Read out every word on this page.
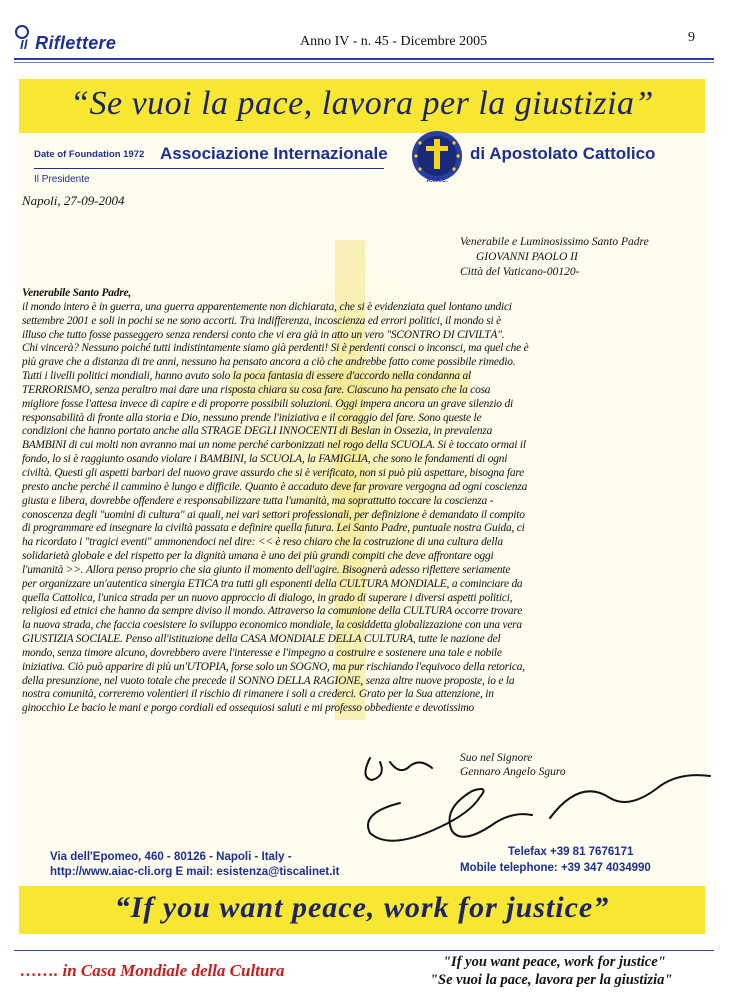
Il Riflettere	Anno IV - n. 45 - Dicembre 2005	9
“Se vuoi la pace, lavora per la giustizia”
Date of Foundation 1972 Associazione Internazionale
A.I.A.C.
di Apostolato Cattolico
Il Presidente
Napoli, 27-09-2004
Venerabile e Luminosissimo Santo Padre
GIOVANNI PAOLO II
Città del Vaticano-00120-
Venerabile Santo Padre,
il mondo intero è in guerra, una guerra apparentemente non dichiarata, che si è evidenziata quel lontano undici
settembre 2001 e soli in pochi se ne sono accorti. Tra indifferenza, incoscienza ed errori politici, il mondo si è
illuso che tutto fosse passeggero senza rendersi conto che vi era già in atto un vero "SCONTRO DI CIVILTÀ".
Chi vincerà? Nessuno poiché tutti indistintamente siamo già perdenti! Si è perdenti consci o inconsci, ma quel che è
più grave che a distanza di tre anni, nessuno ha pensato ancora a ciò che andrebbe fatto come possibile rimedio.
Tutti i livelli politici mondiali, hanno avuto solo la poca fantasia di essere d'accordo nella condanna al
TERRORISMO, senza peraltro mai dare una risposta chiara su cosa fare. Ciascuno ha pensato che la cosa
migliore fosse l'attesa invece di capire e di proporre possibili soluzioni. Oggi impera ancora un grave silenzio di
responsabilità di fronte alla storia e Dio, nessuno prende l'iniziativa e il coraggio del fare. Sono queste le
condizioni che hanno portato anche alla STRAGE DEGLI INNOCENTI di Beslan in Ossezia, in prevalenza
BAMBINI di cui molti non avranno mai un nome perché carbonizzati nel rogo della SCUOLA. Si è toccato ormai il
fondo, lo si è raggiunto osando violare i BAMBINI, la SCUOLA, la FAMIGLIA, che sono le fondamenti di ogni
civiltà. Questi gli aspetti barbari del nuovo grave assurdo che si è verificato, non si può più aspettare, bisogna fare
presto anche perché il cammino è lungo e difficile. Quanto è accaduto deve far provare vergogna ad ogni coscienza
giusta e libera, dovrebbe offendere e responsabilizzare tutta l'umanità, ma soprattutto toccare la coscienza -
conoscenza degli "uomini di cultura" ai quali, nei vari settori professionali, per definizione è demandato il compito
di programmare ed insegnare la civiltà passata e definire quella futura. Lei Santo Padre, puntuale nostra Guida, ci
ha ricordato i "tragici eventi" ammonendoci nel dire: << è reso chiaro che la costruzione di una cultura della
solidarietà globale e del rispetto per la dignità umana è uno dei più grandi compiti che deve affrontare oggi
l'umanità >>. Allora penso proprio che sia giunto il momento dell'agire. Bisognerà adesso riflettere seriamente
per organizzare un'autentica sinergia ETICA tra tutti gli esponenti della CULTURA MONDIALE, a cominciare da
quella Cattolica, l'unica strada per un nuovo approccio di dialogo, in grado di superare i diversi aspetti politici,
religiosi ed etnici che hanno da sempre diviso il mondo. Attraverso la comunione della CULTURA occorre trovare
la nuova strada, che faccia coesistere lo sviluppo economico mondiale, la cosiddetta globalizzazione con una vera
GIUSTIZIA SOCIALE. Penso all'istituzione della CASA MONDIALE DELLA CULTURA, tutte le nazione del
mondo, senza timore alcuno, dovrebbero avere l'interesse e l'impegno a costruire e sostenere una tale e nobile
iniziativa. Ciò può apparire di più un'UTOPIA, forse solo un SOGNO, ma pur rischiando l'equivoco della retorica,
della presunzione, nel vuoto totale che precede il SONNO DELLA RAGIONE, senza altre nuove proposte, io e la
nostra comunità, correremo volentieri il rischio di rimanere i soli a crederci. Grato per la Sua attenzione, in
ginocchio Le bacio le mani e porgo cordiali ed ossequiosi saluti e mi professo obbediente e devotissimo
Suo nel Signore
Gennaro Angelo Sguro
Via dell'Epomeo, 460 - 80126 - Napoli - Italy -
http://www.aiac-cli.org E mail: esistenza@tiscalinet.it
Telefax +39 81 7676171
Mobile telephone: +39 347 4034990
“If you want peace, work for justice”
……. in Casa Mondiale della Cultura	"If you want peace, work for justice"
"Se vuoi la pace, lavora per la giustizia"
